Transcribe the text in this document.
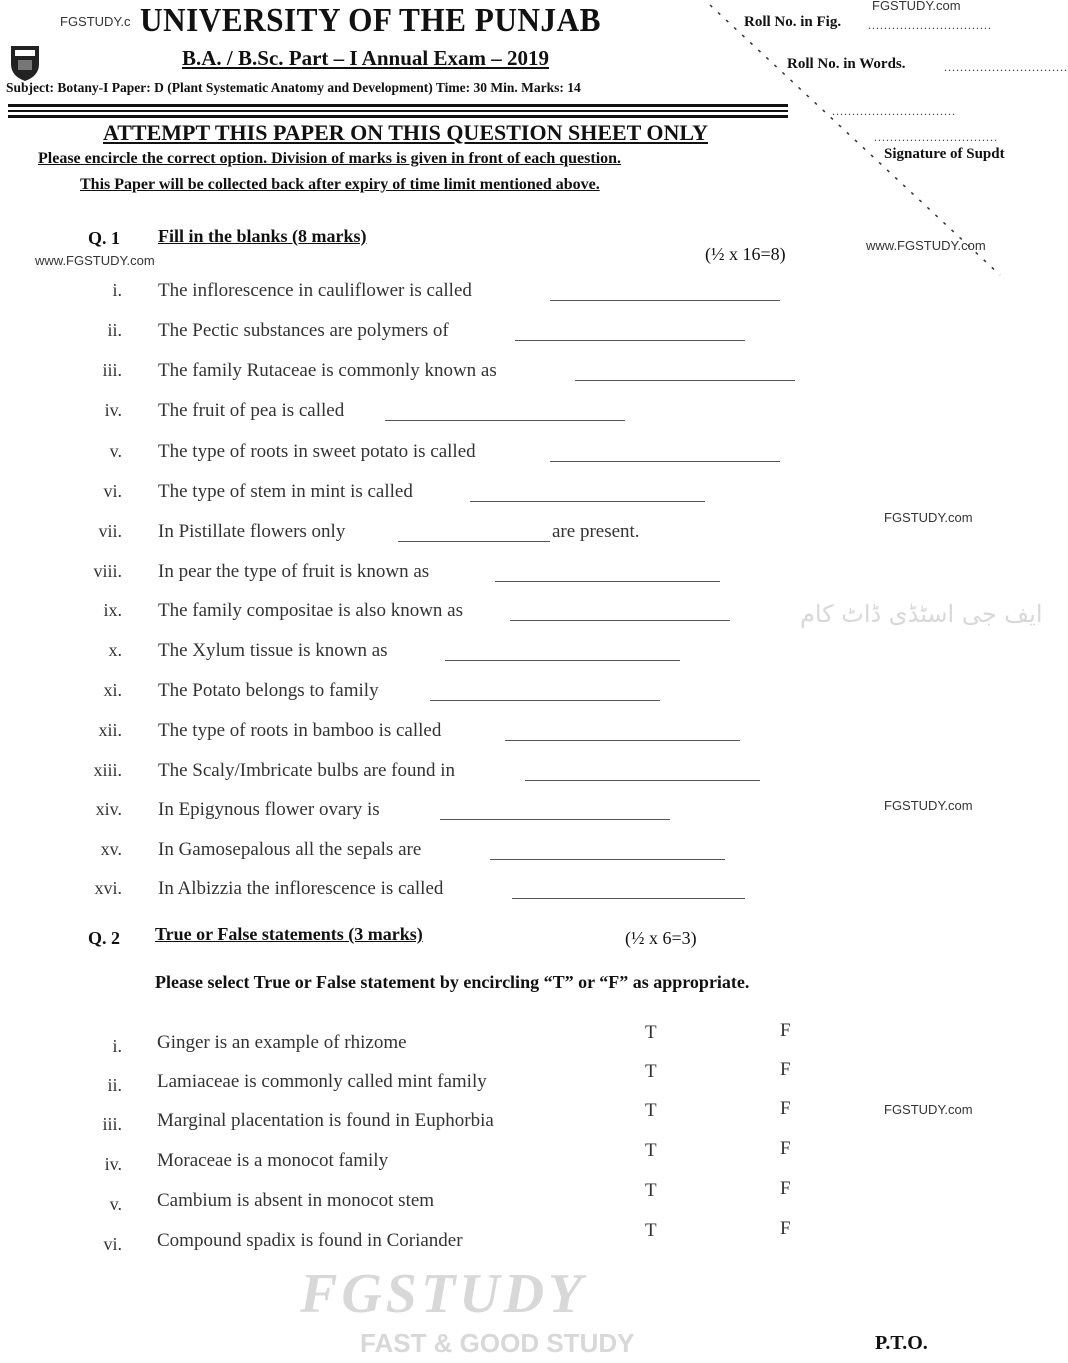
ایف جی اسٹڈی ڈاٹ کام
FGSTUDY
FAST & GOOD STUDY
FGSTUDY.c UNIVERSITY OF THE PUNJAB
B.A. / B.Sc. Part – I Annual Exam – 2019
Subject: Botany-I Paper: D (Plant Systematic Anatomy and Development) Time: 30 Min. Marks: 14
FGSTUDY.com
Roll No. in Fig. ...............................
Roll No. in Words.	...............................
...............................
...............................
Signature of Supdt
ATTEMPT THIS PAPER ON THIS QUESTION SHEET ONLY
Please encircle the correct option. Division of marks is given in front of each question.
This Paper will be collected back after expiry of time limit mentioned above.
Q. 1 Fill in the blanks (8 marks)
(½ x 16=8)
www.FGSTUDY.com
www.FGSTUDY.com
FGSTUDY.com
FGSTUDY.com
FGSTUDY.com
i. The inflorescence in cauliflower is called
ii. The Pectic substances are polymers of
iii. The family Rutaceae is commonly known as
iv. The fruit of pea is called
v. The type of roots in sweet potato is called
vi. The type of stem in mint is called
vii. In Pistillate flowers only	are present.
viii. In pear the type of fruit is known as
ix. The family compositae is also known as
x. The Xylum tissue is known as
xi. The Potato belongs to family
xii. The type of roots in bamboo is called
xiii. The Scaly/Imbricate bulbs are found in
xiv. In Epigynous flower ovary is
xv. In Gamosepalous all the sepals are
xvi. In Albizzia the inflorescence is called
Q. 2 True or False statements (3 marks)	(½ x 6=3)
Please select True or False statement by encircling “T” or “F” as appropriate.
i. Ginger is an example of rhizome	T	F
ii. Lamiaceae is commonly called mint family	T	F
iii. Marginal placentation is found in Euphorbia	T	F
iv. Moraceae is a monocot family	T	F
v. Cambium is absent in monocot stem	T	F
vi. Compound spadix is found in Coriander	T	F
P.T.O.
